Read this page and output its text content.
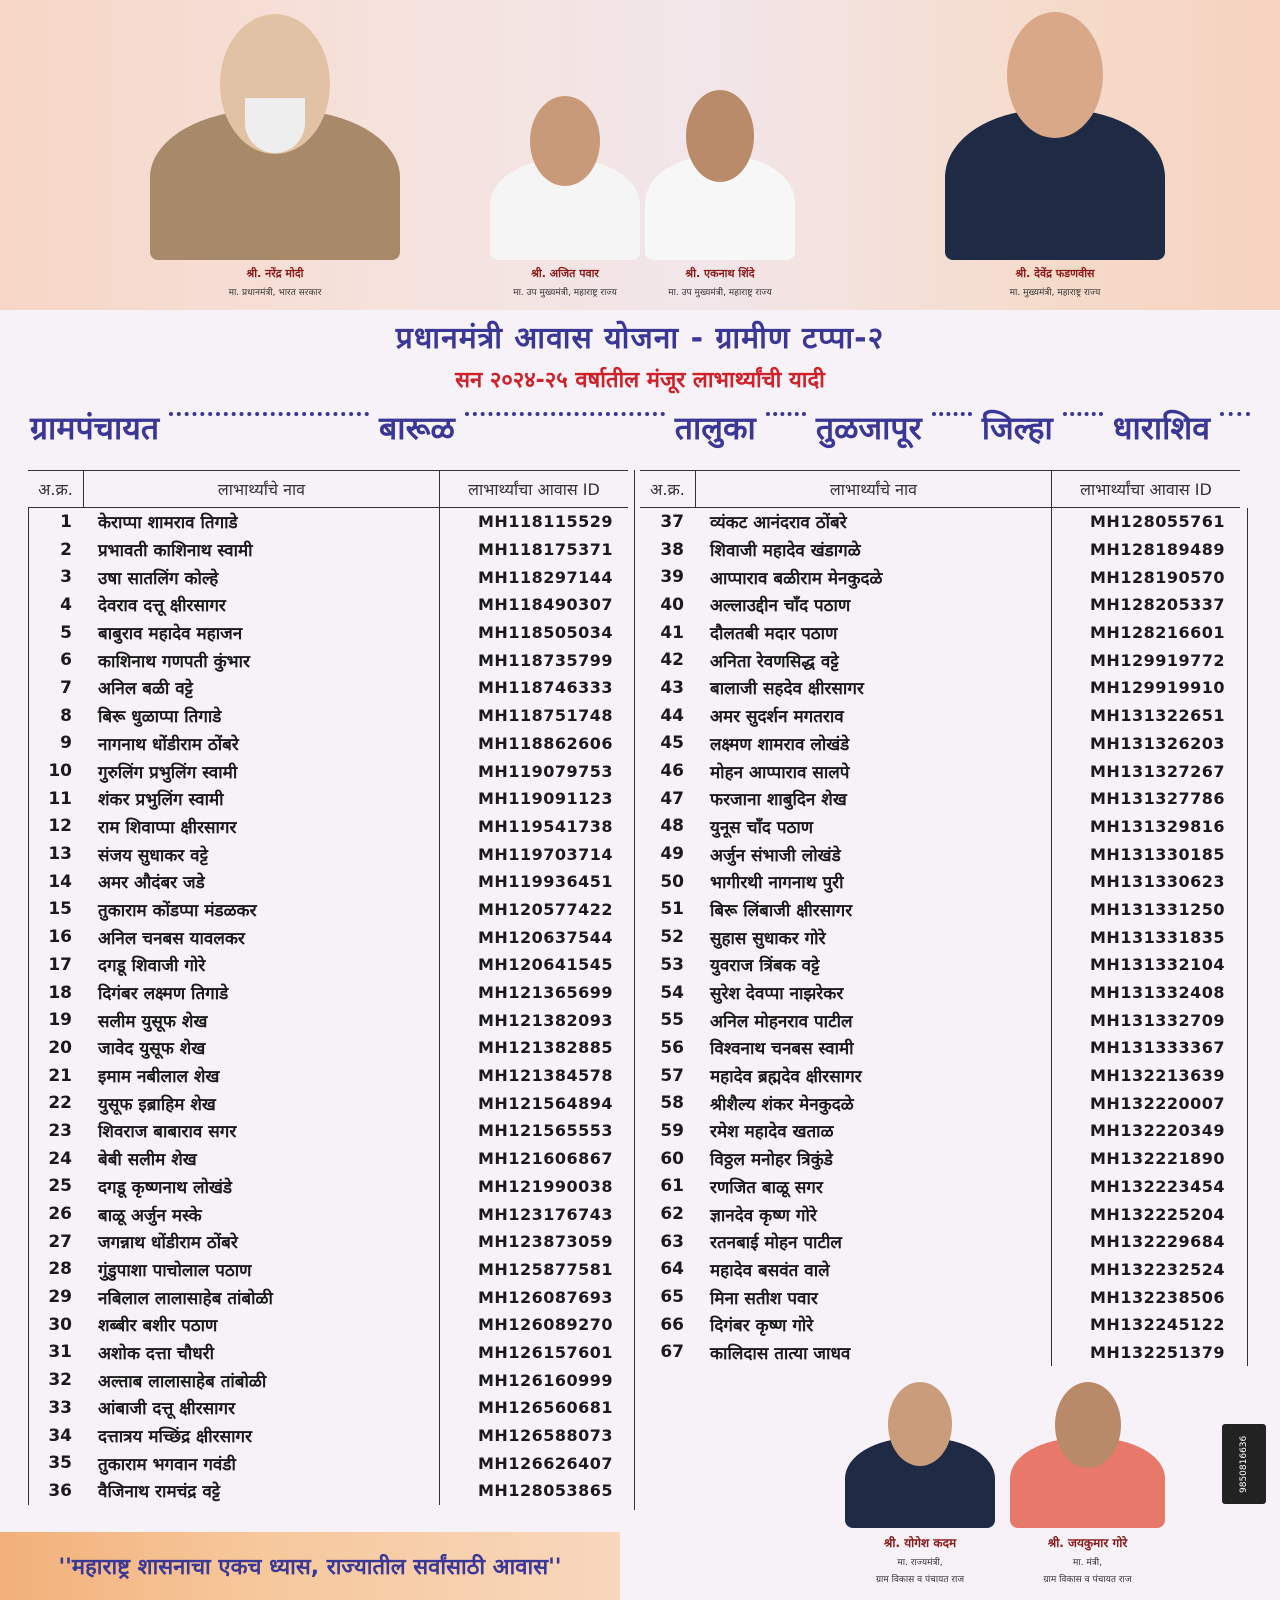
श्री. नरेंद्र मोदी
मा. प्रधानमंत्री, भारत सरकार
श्री. अजित पवार
मा. उप मुख्यमंत्री, महाराष्ट्र राज्य
श्री. एकनाथ शिंदे
मा. उप मुख्यमंत्री, महाराष्ट्र राज्य
श्री. देवेंद्र फडणवीस
मा. मुख्यमंत्री, महाराष्ट्र राज्य
प्रधानमंत्री आवास योजना - ग्रामीण टप्पा-२
सन २०२४-२५ वर्षातील मंजूर लाभार्थ्यांची यादी
ग्रामपंचायत	बारूळ	तालुका तुळजापूर जिल्हा धाराशिव
अ.क्र.	लाभार्थ्यांचे नाव	लाभार्थ्यांचा आवास ID
1	केराप्पा शामराव तिगाडे	MH118115529
2	प्रभावती काशिनाथ स्वामी	MH118175371
3	उषा सातलिंग कोल्हे	MH118297144
4	देवराव दत्तू क्षीरसागर	MH118490307
5	बाबुराव महादेव महाजन	MH118505034
6	काशिनाथ गणपती कुंभार	MH118735799
7	अनिल बळी वट्टे	MH118746333
8	बिरू धुळाप्पा तिगाडे	MH118751748
9	नागनाथ धोंडीराम ठोंबरे	MH118862606
10	गुरुलिंग प्रभुलिंग स्वामी	MH119079753
11	शंकर प्रभुलिंग स्वामी	MH119091123
12	राम शिवाप्पा क्षीरसागर	MH119541738
13	संजय सुधाकर वट्टे	MH119703714
14	अमर औदंबर जडे	MH119936451
15	तुकाराम कोंडप्पा मंडळकर	MH120577422
16	अनिल चनबस यावलकर	MH120637544
17	दगडू शिवाजी गोरे	MH120641545
18	दिगंबर लक्ष्मण तिगाडे	MH121365699
19	सलीम युसूफ शेख	MH121382093
20	जावेद युसूफ शेख	MH121382885
21	इमाम नबीलाल शेख	MH121384578
22	युसूफ इब्राहिम शेख	MH121564894
23	शिवराज बाबाराव सगर	MH121565553
24	बेबी सलीम शेख	MH121606867
25	दगडू कृष्णनाथ लोखंडे	MH121990038
26	बाळू अर्जुन मस्के	MH123176743
27	जगन्नाथ धोंडीराम ठोंबरे	MH123873059
28	गुंडुपाशा पाचोलाल पठाण	MH125877581
29	नबिलाल लालासाहेब तांबोळी	MH126087693
30	शब्बीर बशीर पठाण	MH126089270
31	अशोक दत्ता चौधरी	MH126157601
32	अल्ताब लालासाहेब तांबोळी	MH126160999
33	आंबाजी दत्तू क्षीरसागर	MH126560681
34	दत्तात्रय मच्छिंद्र क्षीरसागर	MH126588073
35	तुकाराम भगवान गवंडी	MH126626407
36	वैजिनाथ रामचंद्र वट्टे	MH128053865
अ.क्र.	लाभार्थ्यांचे नाव	लाभार्थ्यांचा आवास ID
37	व्यंकट आनंदराव ठोंबरे	MH128055761
38	शिवाजी महादेव खंडागळे	MH128189489
39	आप्पाराव बळीराम मेनकुदळे	MH128190570
40	अल्लाउद्दीन चाँद पठाण	MH128205337
41	दौलतबी मदार पठाण	MH128216601
42	अनिता रेवणसिद्ध वट्टे	MH129919772
43	बालाजी सहदेव क्षीरसागर	MH129919910
44	अमर सुदर्शन मगतराव	MH131322651
45	लक्ष्मण शामराव लोखंडे	MH131326203
46	मोहन आप्पाराव सालपे	MH131327267
47	फरजाना शाबुदिन शेख	MH131327786
48	युनूस चाँद पठाण	MH131329816
49	अर्जुन संभाजी लोखंडे	MH131330185
50	भागीरथी नागनाथ पुरी	MH131330623
51	बिरू लिंबाजी क्षीरसागर	MH131331250
52	सुहास सुधाकर गोरे	MH131331835
53	युवराज त्रिंबक वट्टे	MH131332104
54	सुरेश देवप्पा नाझरेकर	MH131332408
55	अनिल मोहनराव पाटील	MH131332709
56	विश्वनाथ चनबस स्वामी	MH131333367
57	महादेव ब्रह्मदेव क्षीरसागर	MH132213639
58	श्रीशैल्य शंकर मेनकुदळे	MH132220007
59	रमेश महादेव खताळ	MH132220349
60	विठ्ठल मनोहर त्रिकुंडे	MH132221890
61	रणजित बाळू सगर	MH132223454
62	ज्ञानदेव कृष्ण गोरे	MH132225204
63	रतनबाई मोहन पाटील	MH132229684
64	महादेव बसवंत वाले	MH132232524
65	मिना सतीश पवार	MH132238506
66	दिगंबर कृष्ण गोरे	MH132245122
67	कालिदास तात्या जाधव	MH132251379
श्री. योगेश कदम
मा. राज्यमंत्री,
ग्राम विकास व पंचायत राज
श्री. जयकुमार गोरे
मा. मंत्री,
ग्राम विकास व पंचायत राज
9850816636
''महाराष्ट्र शासनाचा एकच ध्यास, राज्यातील सर्वांसाठी आवास''
